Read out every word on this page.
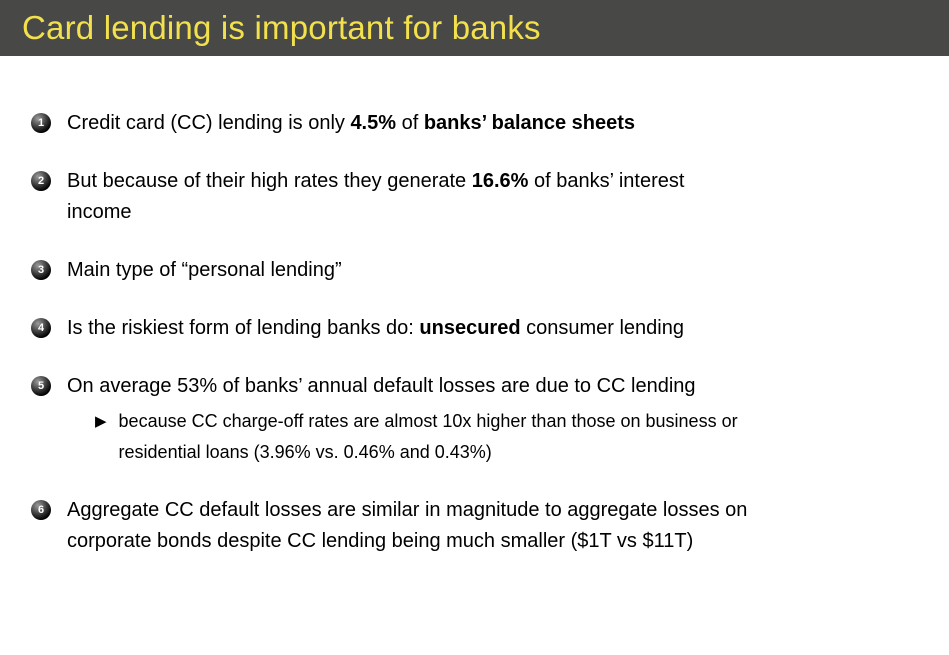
Card lending is important for banks
1	Credit card (CC) lending is only 4.5% of banks’ balance sheets
2	But because of their high rates they generate 16.6% of banks’ interest
income
3	Main type of “personal lending”
4	Is the riskiest form of lending banks do: unsecured consumer lending
5	On average 53% of banks’ annual default losses are due to CC lending
▶ because CC charge-off rates are almost 10x higher than those on business or
residential loans (3.96% vs. 0.46% and 0.43%)
6	Aggregate CC default losses are similar in magnitude to aggregate losses on
corporate bonds despite CC lending being much smaller ($1T vs $11T)
